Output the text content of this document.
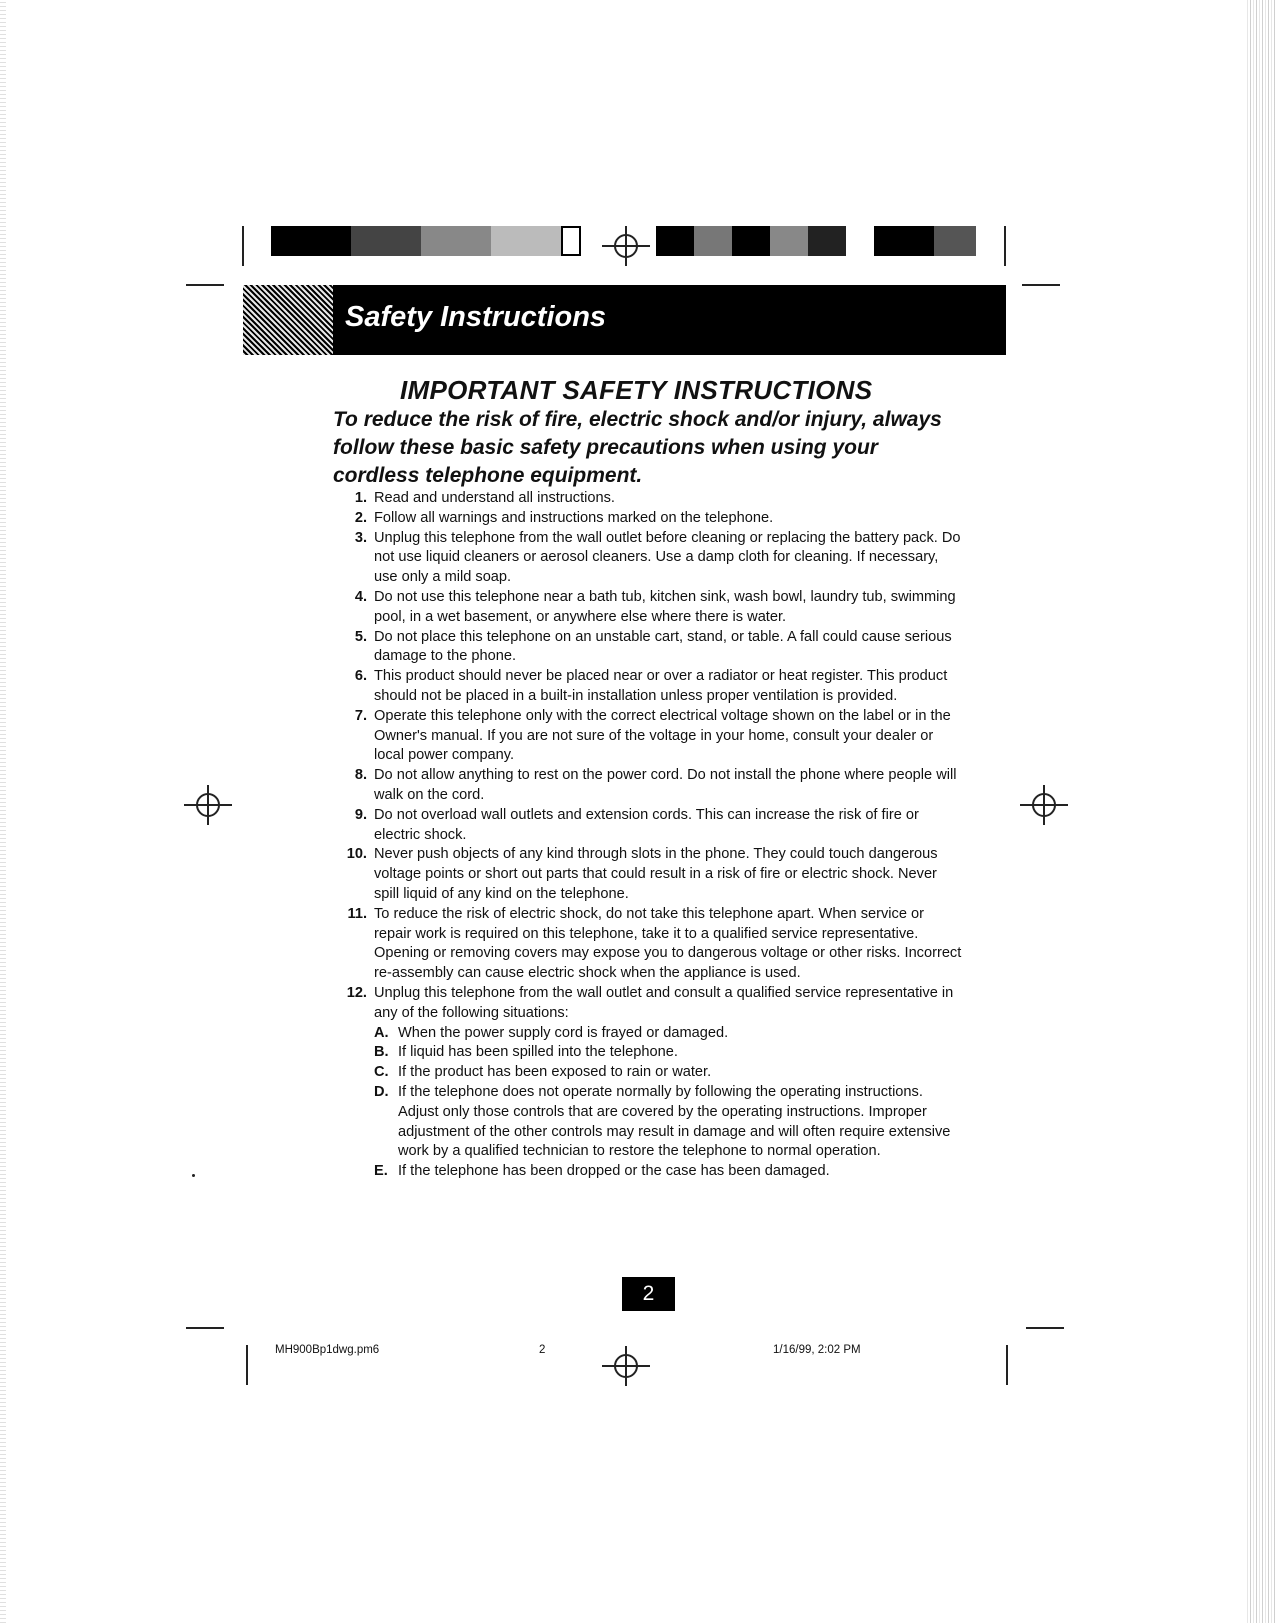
Safety Instructions
IMPORTANT SAFETY INSTRUCTIONS
To reduce the risk of fire, electric shock and/or injury, always follow these basic safety precautions when using your cordless telephone equipment.
1. Read and understand all instructions.
2. Follow all warnings and instructions marked on the telephone.
3. Unplug this telephone from the wall outlet before cleaning or replacing the battery pack. Do not use liquid cleaners or aerosol cleaners. Use a damp cloth for cleaning. If necessary, use only a mild soap.
4. Do not use this telephone near a bath tub, kitchen sink, wash bowl, laundry tub, swimming pool, in a wet basement, or anywhere else where there is water.
5. Do not place this telephone on an unstable cart, stand, or table. A fall could cause serious damage to the phone.
6. This product should never be placed near or over a radiator or heat register. This product should not be placed in a built-in installation unless proper ventilation is provided.
7. Operate this telephone only with the correct electrical voltage shown on the label or in the Owner's manual. If you are not sure of the voltage in your home, consult your dealer or local power company.
8. Do not allow anything to rest on the power cord. Do not install the phone where people will walk on the cord.
9. Do not overload wall outlets and extension cords. This can increase the risk of fire or electric shock.
10. Never push objects of any kind through slots in the phone. They could touch dangerous voltage points or short out parts that could result in a risk of fire or electric shock. Never spill liquid of any kind on the telephone.
11. To reduce the risk of electric shock, do not take this telephone apart. When service or repair work is required on this telephone, take it to a qualified service representative. Opening or removing covers may expose you to dangerous voltage or other risks. Incorrect re-assembly can cause electric shock when the appliance is used.
12. Unplug this telephone from the wall outlet and consult a qualified service representative in any of the following situations:
A. When the power supply cord is frayed or damaged.
B. If liquid has been spilled into the telephone.
C. If the product has been exposed to rain or water.
D. If the telephone does not operate normally by following the operating instructions. Adjust only those controls that are covered by the operating instructions. Improper adjustment of the other controls may result in damage and will often require extensive work by a qualified technician to restore the telephone to normal operation.
E. If the telephone has been dropped or the case has been damaged.
2
MH900Bp1dwg.pm6	2	1/16/99, 2:02 PM
